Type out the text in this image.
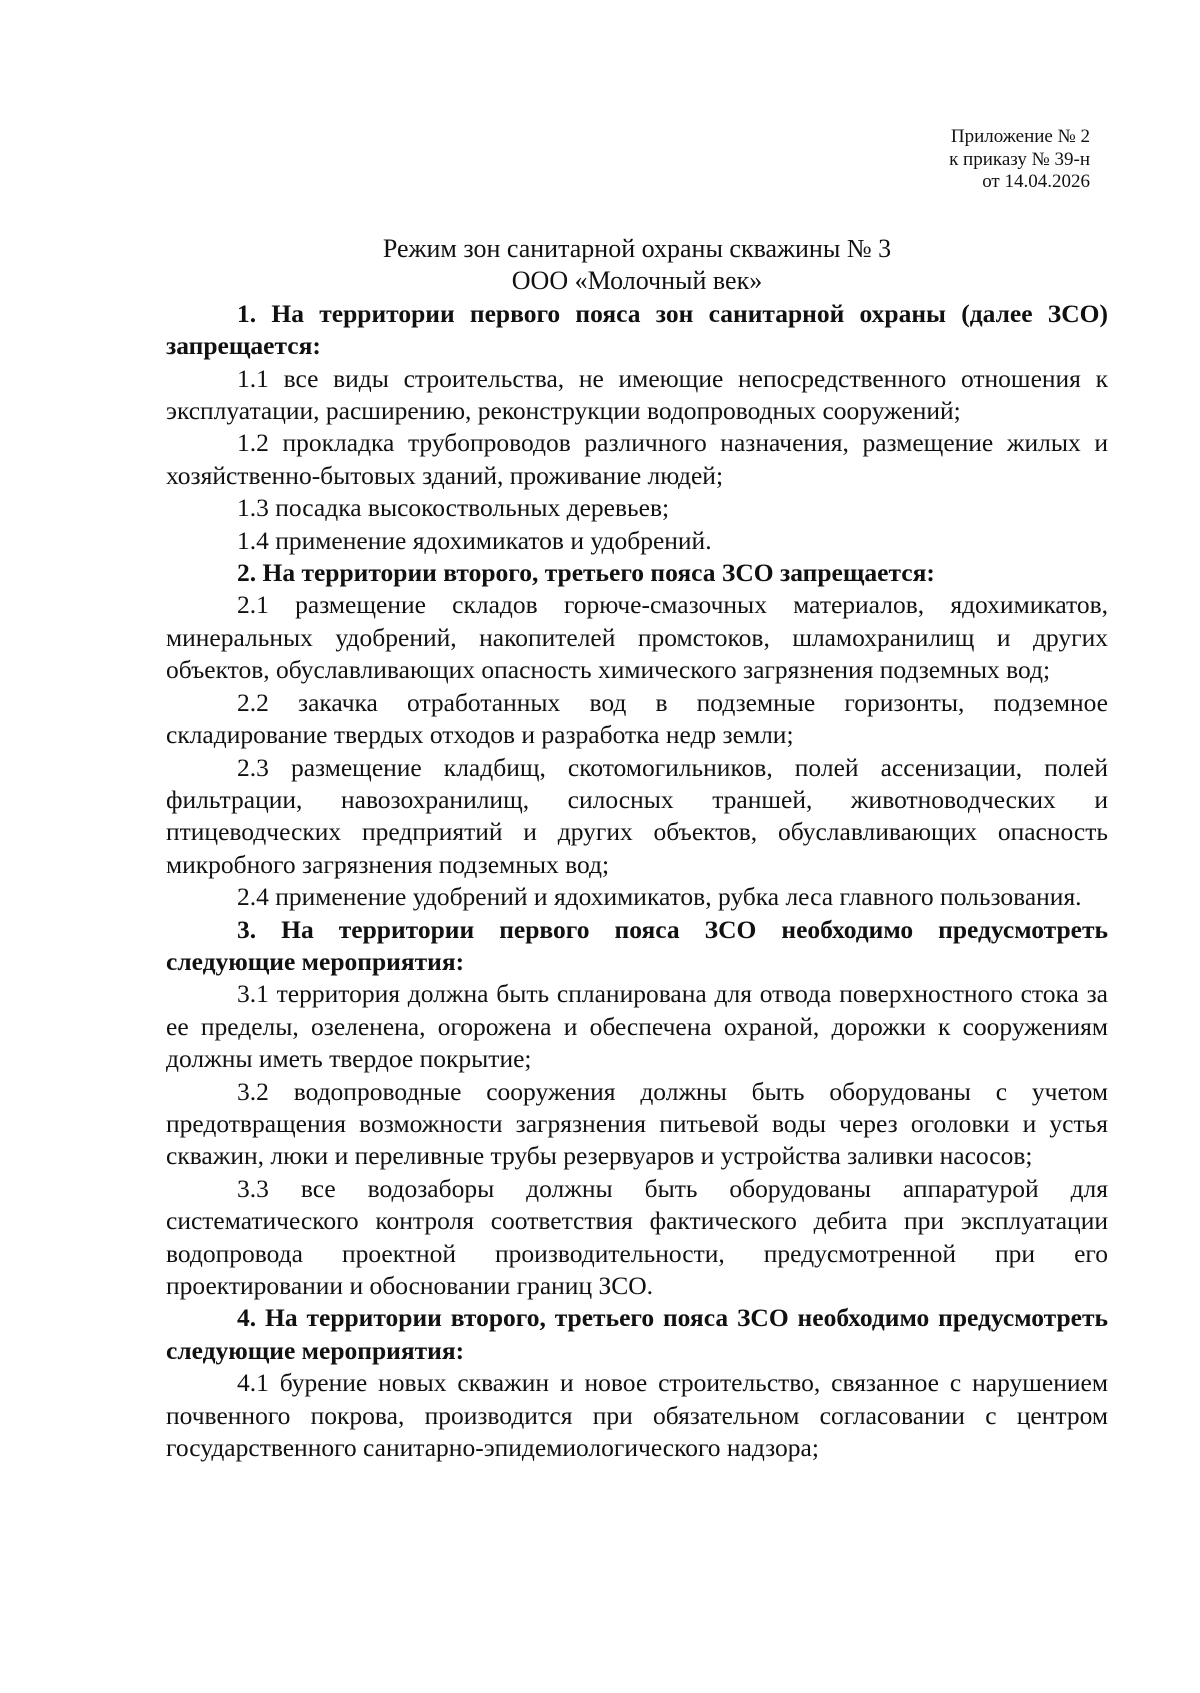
Приложение № 2
к приказу № 39-н
от 14.04.2026
Режим зон санитарной охраны скважины № 3
ООО «Молочный век»

1. На территории первого пояса зон санитарной охраны (далее ЗСО) запрещается:

1.1 все виды строительства, не имеющие непосредственного отношения к эксплуатации, расширению, реконструкции водопроводных сооружений;

1.2 прокладка трубопроводов различного назначения, размещение жилых и хозяйственно-бытовых зданий, проживание людей;

1.3 посадка высокоствольных деревьев;

1.4 применение ядохимикатов и удобрений.

2. На территории второго, третьего пояса ЗСО запрещается:

2.1 размещение складов горюче-смазочных материалов, ядохимикатов, минеральных удобрений, накопителей промстоков, шламохранилищ и других объектов, обуславливающих опасность химического загрязнения подземных вод;

2.2 закачка отработанных вод в подземные горизонты, подземное складирование твердых отходов и разработка недр земли;

2.3 размещение кладбищ, скотомогильников, полей ассенизации, полей фильтрации, навозохранилищ, силосных траншей, животноводческих и птицеводческих предприятий и других объектов, обуславливающих опасность микробного загрязнения подземных вод;

2.4 применение удобрений и ядохимикатов, рубка леса главного пользования.

3. На территории первого пояса ЗСО необходимо предусмотреть следующие мероприятия:

3.1 территория должна быть спланирована для отвода поверхностного стока за ее пределы, озеленена, огорожена и обеспечена охраной, дорожки к сооружениям должны иметь твердое покрытие;

3.2 водопроводные сооружения должны быть оборудованы с учетом предотвращения возможности загрязнения питьевой воды через оголовки и устья скважин, люки и переливные трубы резервуаров и устройства заливки насосов;

3.3 все водозаборы должны быть оборудованы аппаратурой для систематического контроля соответствия фактического дебита при эксплуатации водопровода проектной производительности, предусмотренной при его проектировании и обосновании границ ЗСО.

4. На территории второго, третьего пояса ЗСО необходимо предусмотреть следующие мероприятия:

4.1 бурение новых скважин и новое строительство, связанное с нарушением почвенного покрова, производится при обязательном согласовании с центром государственного санитарно-эпидемиологического надзора;
